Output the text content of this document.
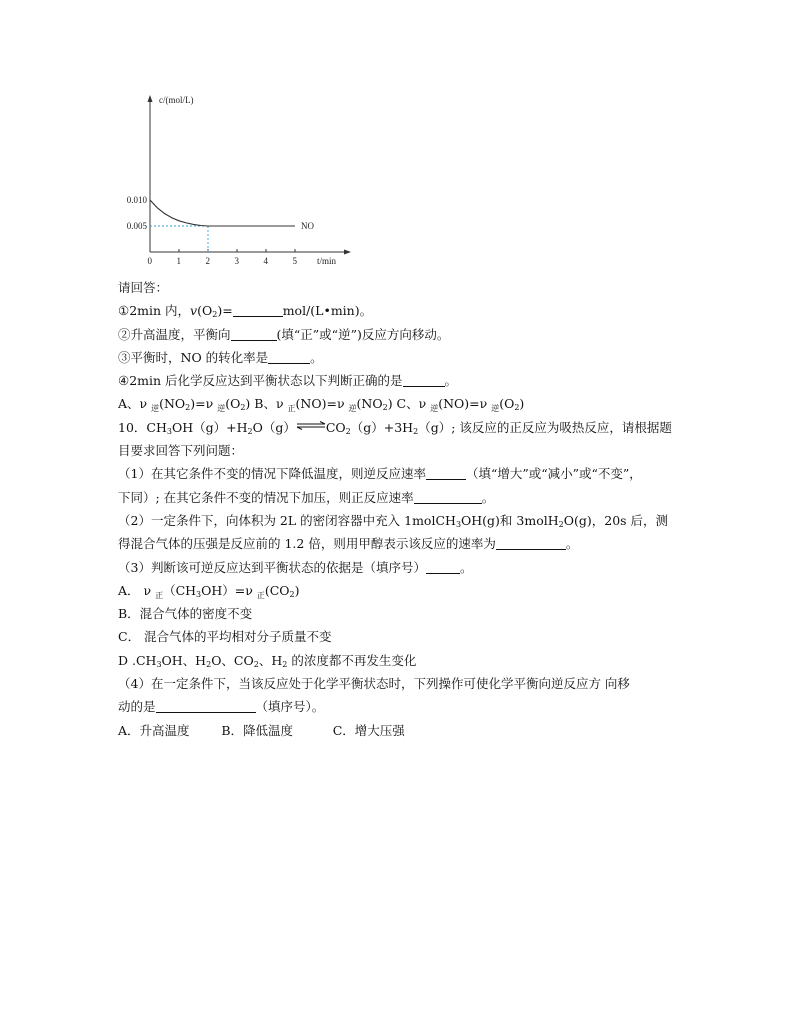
c/(mol/L)
t/min
0	1	2	3	4	5
0.010
0.005	NO
请回答：
①2min 内，$v(O_2)=$	mol/(L•min)。
②升高温度，平衡向	(填“正”或“逆”)反应方向移动。
③平衡时，NO 的转化率是	。
④2min 后化学反应达到平衡状态以下判断正确的是	。
A、ν $_逆(NO_2)=\nu$ $_逆(O_2)$ B、ν $_正$(NO)=ν $_逆(NO_2)$ C、ν $_逆$(NO)=ν $_逆(O_2)$
10．$CH_3OH(g)+H_2O(g)\rightleftharpoons CO_2(g)+3H_2(g)$; 该反应的正反应为吸热反应，请根据题
目要求回答下列问题：
（1）在其它条件不变的情况下降低温度，则逆反应速率	（填“增大”或“减小”或“不变”，
下同）; 在其它条件不变的情况下加压，则正反应速率	。
（2）一定条件下，向体积为 2L 的密闭容器中充入 1molCH$_3$OH(g)和 3molH$_2$O(g)，20s 后，测
得混合气体的压强是反应前的 1.2 倍，则用甲醇表示该反应的速率为	。
（3）判断该可逆反应达到平衡状态的依据是（填序号）	。
A． ν $_正(CH_3OH)=\nu$ $_正(CO_2)$
B．混合气体的密度不变
C． 混合气体的平均相对分子质量不变
D $.CH_3OH$、$H_2O$、$CO_2$、$H_2$ 的浓度都不再发生变化
（4）在一定条件下，当该反应处于化学平衡状态时，下列操作可使化学平衡向逆反应方 向移
动的是	（填序号）。
A．升高温度        B．降低温度          C．增大压强
